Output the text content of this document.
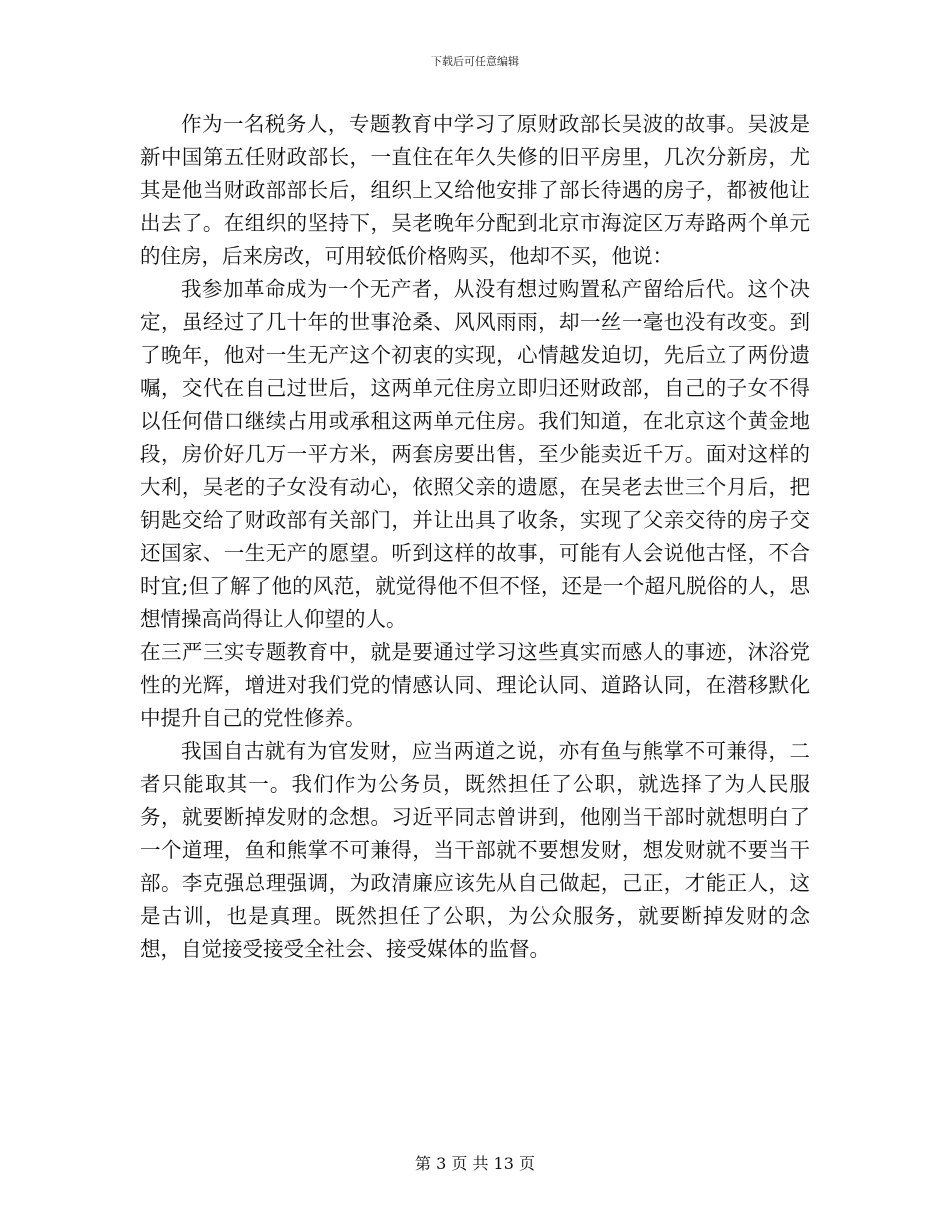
下载后可任意编辑

作为一名税务人，专题教育中学习了原财政部长吴波的故事。吴波是新中国第五任财政部长，一直住在年久失修的旧平房里，几次分新房，尤其是他当财政部部长后，组织上又给他安排了部长待遇的房子，都被他让出去了。在组织的坚持下，吴老晚年分配到北京市海淀区万寿路两个单元的住房，后来房改，可用较低价格购买，他却不买，他说：

我参加革命成为一个无产者，从没有想过购置私产留给后代。这个决定，虽经过了几十年的世事沧桑、风风雨雨，却一丝一毫也没有改变。到了晚年，他对一生无产这个初衷的实现，心情越发迫切，先后立了两份遗嘱，交代在自己过世后，这两单元住房立即归还财政部，自己的子女不得以任何借口继续占用或承租这两单元住房。我们知道，在北京这个黄金地段，房价好几万一平方米，两套房要出售，至少能卖近千万。面对这样的大利，吴老的子女没有动心，依照父亲的遗愿，在吴老去世三个月后，把钥匙交给了财政部有关部门，并让出具了收条，实现了父亲交待的房子交还国家、一生无产的愿望。听到这样的故事，可能有人会说他古怪，不合时宜;但了解了他的风范，就觉得他不但不怪，还是一个超凡脱俗的人，思想情操高尚得让人仰望的人。

在三严三实专题教育中，就是要通过学习这些真实而感人的事迹，沐浴党性的光辉，增进对我们党的情感认同、理论认同、道路认同，在潜移默化中提升自己的党性修养。

我国自古就有为官发财，应当两道之说，亦有鱼与熊掌不可兼得，二者只能取其一。我们作为公务员，既然担任了公职，就选择了为人民服务，就要断掉发财的念想。习近平同志曾讲到，他刚当干部时就想明白了一个道理，鱼和熊掌不可兼得，当干部就不要想发财，想发财就不要当干部。李克强总理强调，为政清廉应该先从自己做起，己正，才能正人，这是古训，也是真理。既然担任了公职，为公众服务，就要断掉发财的念想，自觉接受接受全社会、接受媒体的监督。

第 3 页 共 13 页
